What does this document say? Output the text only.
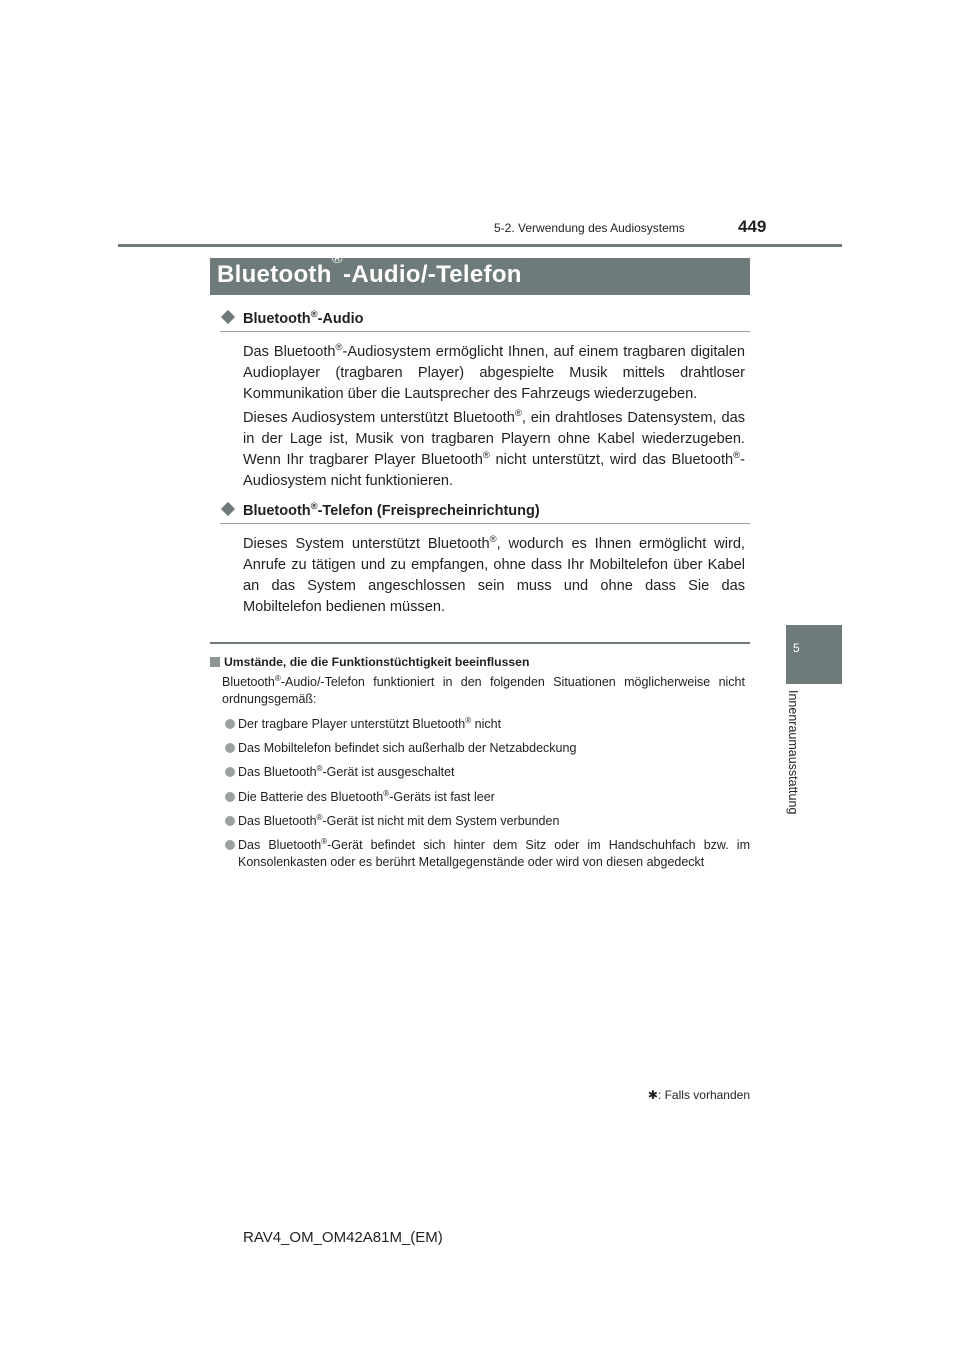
5-2. Verwendung des Audiosystems	449
Bluetooth®-Audio/-Telefon*
Bluetooth®-Audio
Das Bluetooth®-Audiosystem ermöglicht Ihnen, auf einem tragbaren digitalen Audioplayer (tragbaren Player) abgespielte Musik mittels drahtloser Kommunikation über die Lautsprecher des Fahrzeugs wiederzugeben.
Dieses Audiosystem unterstützt Bluetooth®, ein drahtloses Datensystem, das in der Lage ist, Musik von tragbaren Playern ohne Kabel wiederzugeben. Wenn Ihr tragbarer Player Bluetooth® nicht unterstützt, wird das Bluetooth®-Audiosystem nicht funktionieren.
Bluetooth®-Telefon (Freisprecheinrichtung)
Dieses System unterstützt Bluetooth®, wodurch es Ihnen ermöglicht wird, Anrufe zu tätigen und zu empfangen, ohne dass Ihr Mobiltelefon über Kabel an das System angeschlossen sein muss und ohne dass Sie das Mobiltelefon bedienen müssen.
Umstände, die die Funktionstüchtigkeit beeinflussen
Bluetooth®-Audio/-Telefon funktioniert in den folgenden Situationen möglicherweise nicht ordnungsgemäß:
Der tragbare Player unterstützt Bluetooth® nicht
Das Mobiltelefon befindet sich außerhalb der Netzabdeckung
Das Bluetooth®-Gerät ist ausgeschaltet
Die Batterie des Bluetooth®-Geräts ist fast leer
Das Bluetooth®-Gerät ist nicht mit dem System verbunden
Das Bluetooth®-Gerät befindet sich hinter dem Sitz oder im Handschuhfach bzw. im Konsolenkasten oder es berührt Metallgegenstände oder wird von diesen abgedeckt
5
Innenraumausstattung
✱: Falls vorhanden
RAV4_OM_OM42A81M_(EM)
